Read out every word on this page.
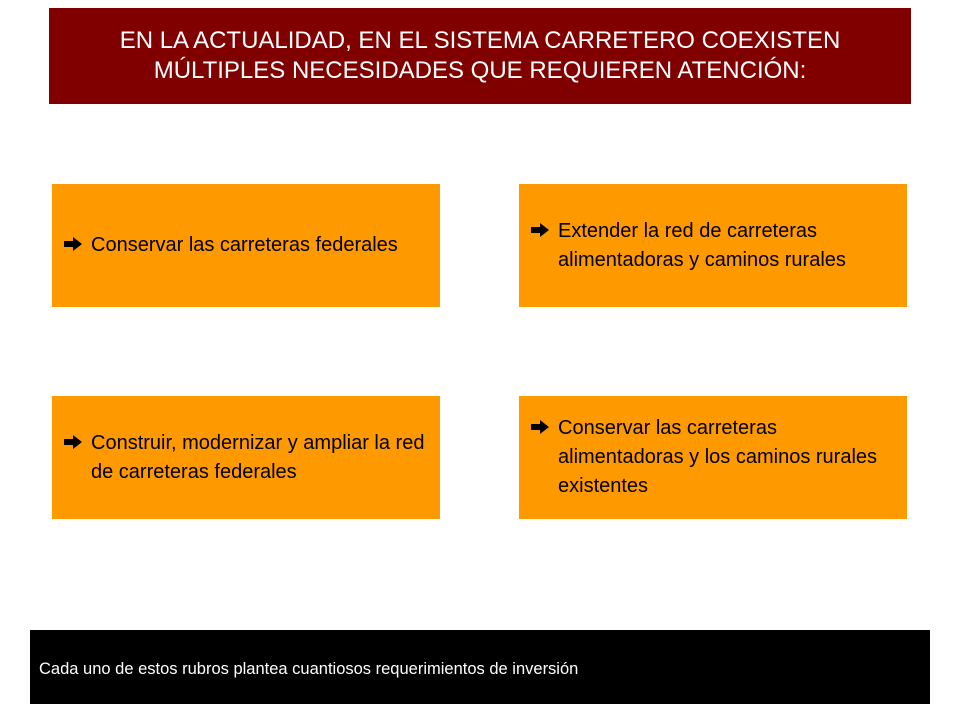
EN LA ACTUALIDAD, EN EL SISTEMA CARRETERO COEXISTEN MÚLTIPLES NECESIDADES QUE REQUIEREN ATENCIÓN:
Conservar las carreteras federales
Extender la red de carreteras alimentadoras y caminos rurales
Construir, modernizar y ampliar la red de carreteras federales
Conservar las carreteras alimentadoras y los caminos rurales existentes
Cada uno de estos rubros plantea cuantiosos requerimientos de inversión
